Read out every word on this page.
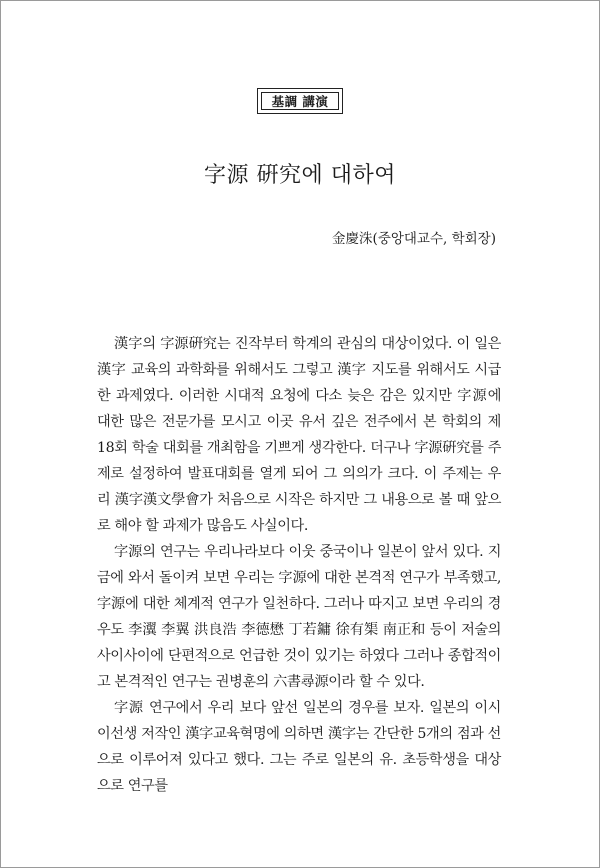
基調 講演
字源 硏究에 대하여
金慶洙(중앙대교수, 학회장)

漢字의 字源硏究는 진작부터 학계의 관심의 대상이었다. 이 일은 漢字 교육의 과학화를 위해서도 그렇고 漢字 지도를 위해서도 시급한 과제였다. 이러한 시대적 요청에 다소 늦은 감은 있지만 字源에 대한 많은 전문가를 모시고 이곳 유서 깊은 전주에서 본 학회의 제18회 학술 대회를 개최함을 기쁘게 생각한다. 더구나 字源硏究를 주제로 설정하여 발표대회를 열게 되어 그 의의가 크다. 이 주제는 우리 漢字漢文學會가 처음으로 시작은 하지만 그 내용으로 볼 때 앞으로 해야 할 과제가 많음도 사실이다.

字源의 연구는 우리나라보다 이웃 중국이나 일본이 앞서 있다. 지금에 와서 돌이켜 보면 우리는 字源에 대한 본격적 연구가 부족했고, 字源에 대한 체계적 연구가 일천하다. 그러나 따지고 보면 우리의 경우도 李瀷 李翼 洪良浩 李德懋 丁若鏞 徐有榘 南正和 등이 저술의 사이사이에 단편적으로 언급한 것이 있기는 하였다 그러나 종합적이고 본격적인 연구는 권병훈의 六書尋源이라 할 수 있다.

字源 연구에서 우리 보다 앞선 일본의 경우를 보자. 일본의 이시이선생 저작인 漢字교육혁명에 의하면 漢字는 간단한 5개의 점과 선으로 이루어져 있다고 했다. 그는 주로 일본의 유. 초등학생을 대상으로 연구를
